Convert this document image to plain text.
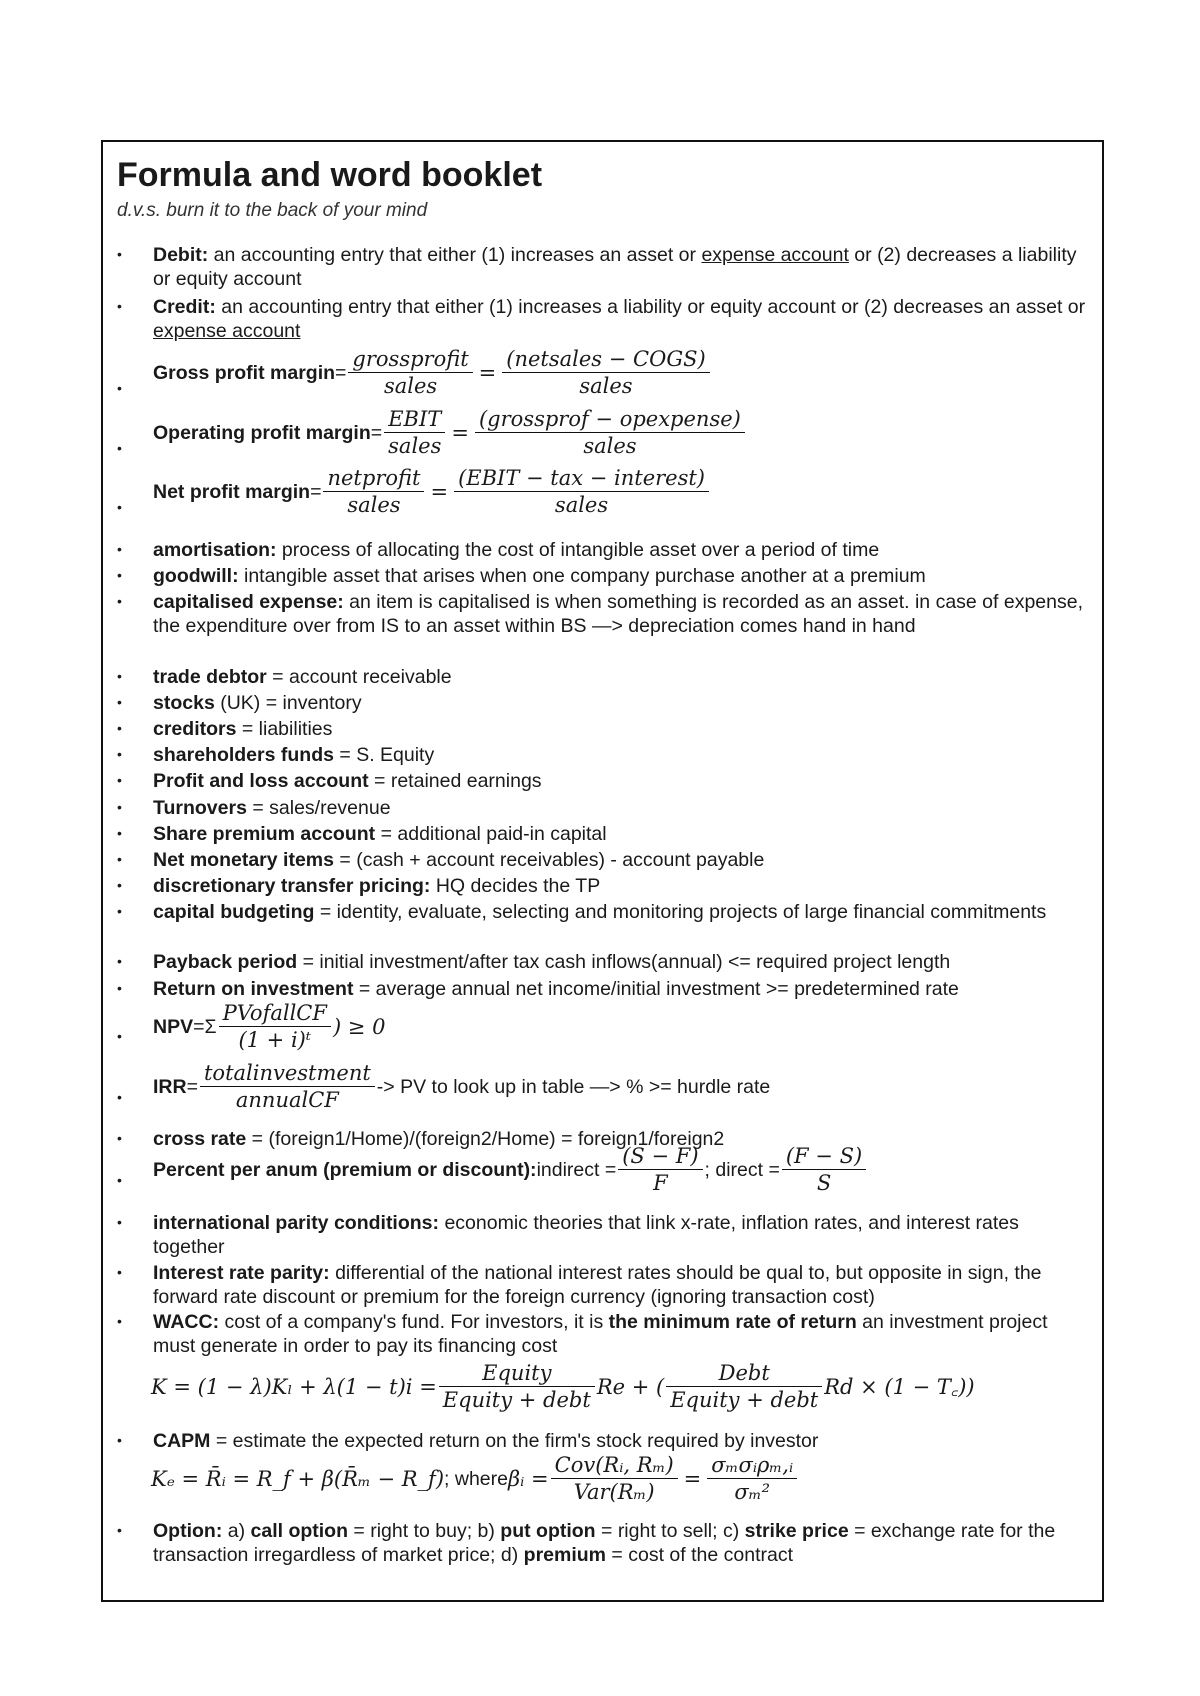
Formula and word booklet
d.v.s. burn it to the back of your mind
• Debit: an accounting entry that either (1) increases an asset or expense account or (2) decreases a liability or equity account
• Credit: an accounting entry that either (1) increases a liability or equity account or (2) decreases an asset or expense account
•
Gross profit margin = $\frac{\text{grossprofit}}{\text{sales}} = \frac{\text{(netsales − COGS)}}{\text{sales}}$
•
Operating profit margin = $\frac{\text{EBIT}}{\text{sales}} = \frac{\text{(grossprof − opexpense)}}{\text{sales}}$
•
Net profit margin = $\frac{\text{netprofit}}{\text{sales}} = \frac{\text{(EBIT − tax − interest)}}{\text{sales}}$
• amortisation: process of allocating the cost of intangible asset over a period of time
• goodwill: intangible asset that arises when one company purchase another at a premium
• capitalised expense: an item is capitalised is when something is recorded as an asset. in case of expense, the expenditure over from IS to an asset within BS —> depreciation comes hand in hand
• trade debtor = account receivable
• stocks (UK) = inventory
• creditors = liabilities
• shareholders funds = S. Equity
• Profit and loss account = retained earnings
• Turnovers = sales/revenue
• Share premium account = additional paid-in capital
• Net monetary items = (cash + account receivables) - account payable
• discretionary transfer pricing: HQ decides the TP
• capital budgeting = identity, evaluate, selecting and monitoring projects of large financial commitments
• Payback period = initial investment/after tax cash inflows(annual) <= required project length
• Return on investment = average annual net income/initial investment >= predetermined rate
• NPV $=\Sigma \frac{\text{PVofallCF}}{\text{(1 + i)ᵗ}}$ ) ≥ 0
• IRR = $\frac{\text{totalinvestment}}{\text{annualCF}}$ -> PV to look up in table —> % >= hurdle rate
• cross rate = (foreign1/Home)/(foreign2/Home) = foreign1/foreign2
• Percent per anum (premium or discount): indirect = $\frac{(S - F)}{F}$ ; direct = $\frac{(F - S)}{S}$
• international parity conditions: economic theories that link x-rate, inflation rates, and interest rates together
• Interest rate parity: differential of the national interest rates should be qual to, but opposite in sign, the forward rate discount or premium for the foreign currency (ignoring transaction cost)
• WACC: cost of a company's fund. For investors, it is the minimum rate of return an investment project must generate in order to pay its financing cost
$K = (1 - \lambda)K_l + \lambda(1 - t)i = \frac{\text{Equity}}{\text{Equity + debt}}$ Re + ( $\frac{\text{Debt}}{\text{Equity + debt}}$ Rd × (1 − T꜀))
• CAPM = estimate the expected return on the firm's stock required by investor
Kₑ = R̄ᵢ = R_f + β(R̄ₘ − R_f) ; where βᵢ = $\frac{\text{Cov(Rᵢ, Rₘ)}}{\text{Var(Rₘ)}} = \frac{\text{σₘσᵢρₘ,ᵢ}}{\text{σₘ²}}$
• Option: a) call option = right to buy; b) put option = right to sell; c) strike price = exchange rate for the transaction irregardless of market price; d) premium = cost of the contract
